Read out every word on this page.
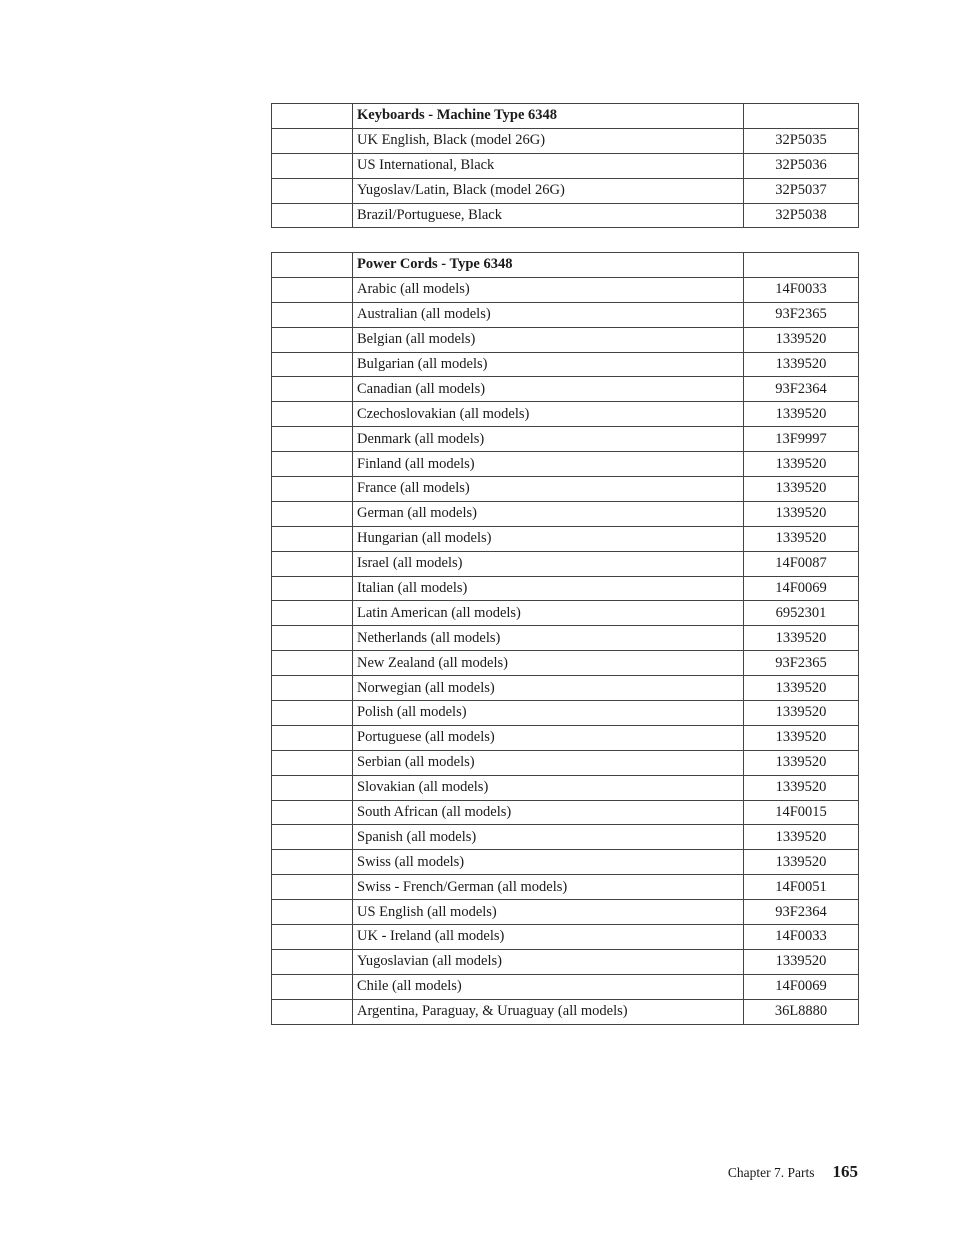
	Keyboards - Machine Type 6348	
	UK English, Black (model 26G)	32P5035
	US International, Black	32P5036
	Yugoslav/Latin, Black (model 26G)	32P5037
	Brazil/Portuguese, Black	32P5038
	Power Cords - Type 6348	
	Arabic (all models)	14F0033
	Australian (all models)	93F2365
	Belgian (all models)	1339520
	Bulgarian (all models)	1339520
	Canadian (all models)	93F2364
	Czechoslovakian (all models)	1339520
	Denmark (all models)	13F9997
	Finland (all models)	1339520
	France (all models)	1339520
	German (all models)	1339520
	Hungarian (all models)	1339520
	Israel (all models)	14F0087
	Italian (all models)	14F0069
	Latin American (all models)	6952301
	Netherlands (all models)	1339520
	New Zealand (all models)	93F2365
	Norwegian (all models)	1339520
	Polish (all models)	1339520
	Portuguese (all models)	1339520
	Serbian (all models)	1339520
	Slovakian (all models)	1339520
	South African (all models)	14F0015
	Spanish (all models)	1339520
	Swiss (all models)	1339520
	Swiss - French/German (all models)	14F0051
	US English (all models)	93F2364
	UK - Ireland (all models)	14F0033
	Yugoslavian (all models)	1339520
	Chile (all models)	14F0069
	Argentina, Paraguay, & Uruaguay (all models)	36L8880
Chapter 7. Parts 165
